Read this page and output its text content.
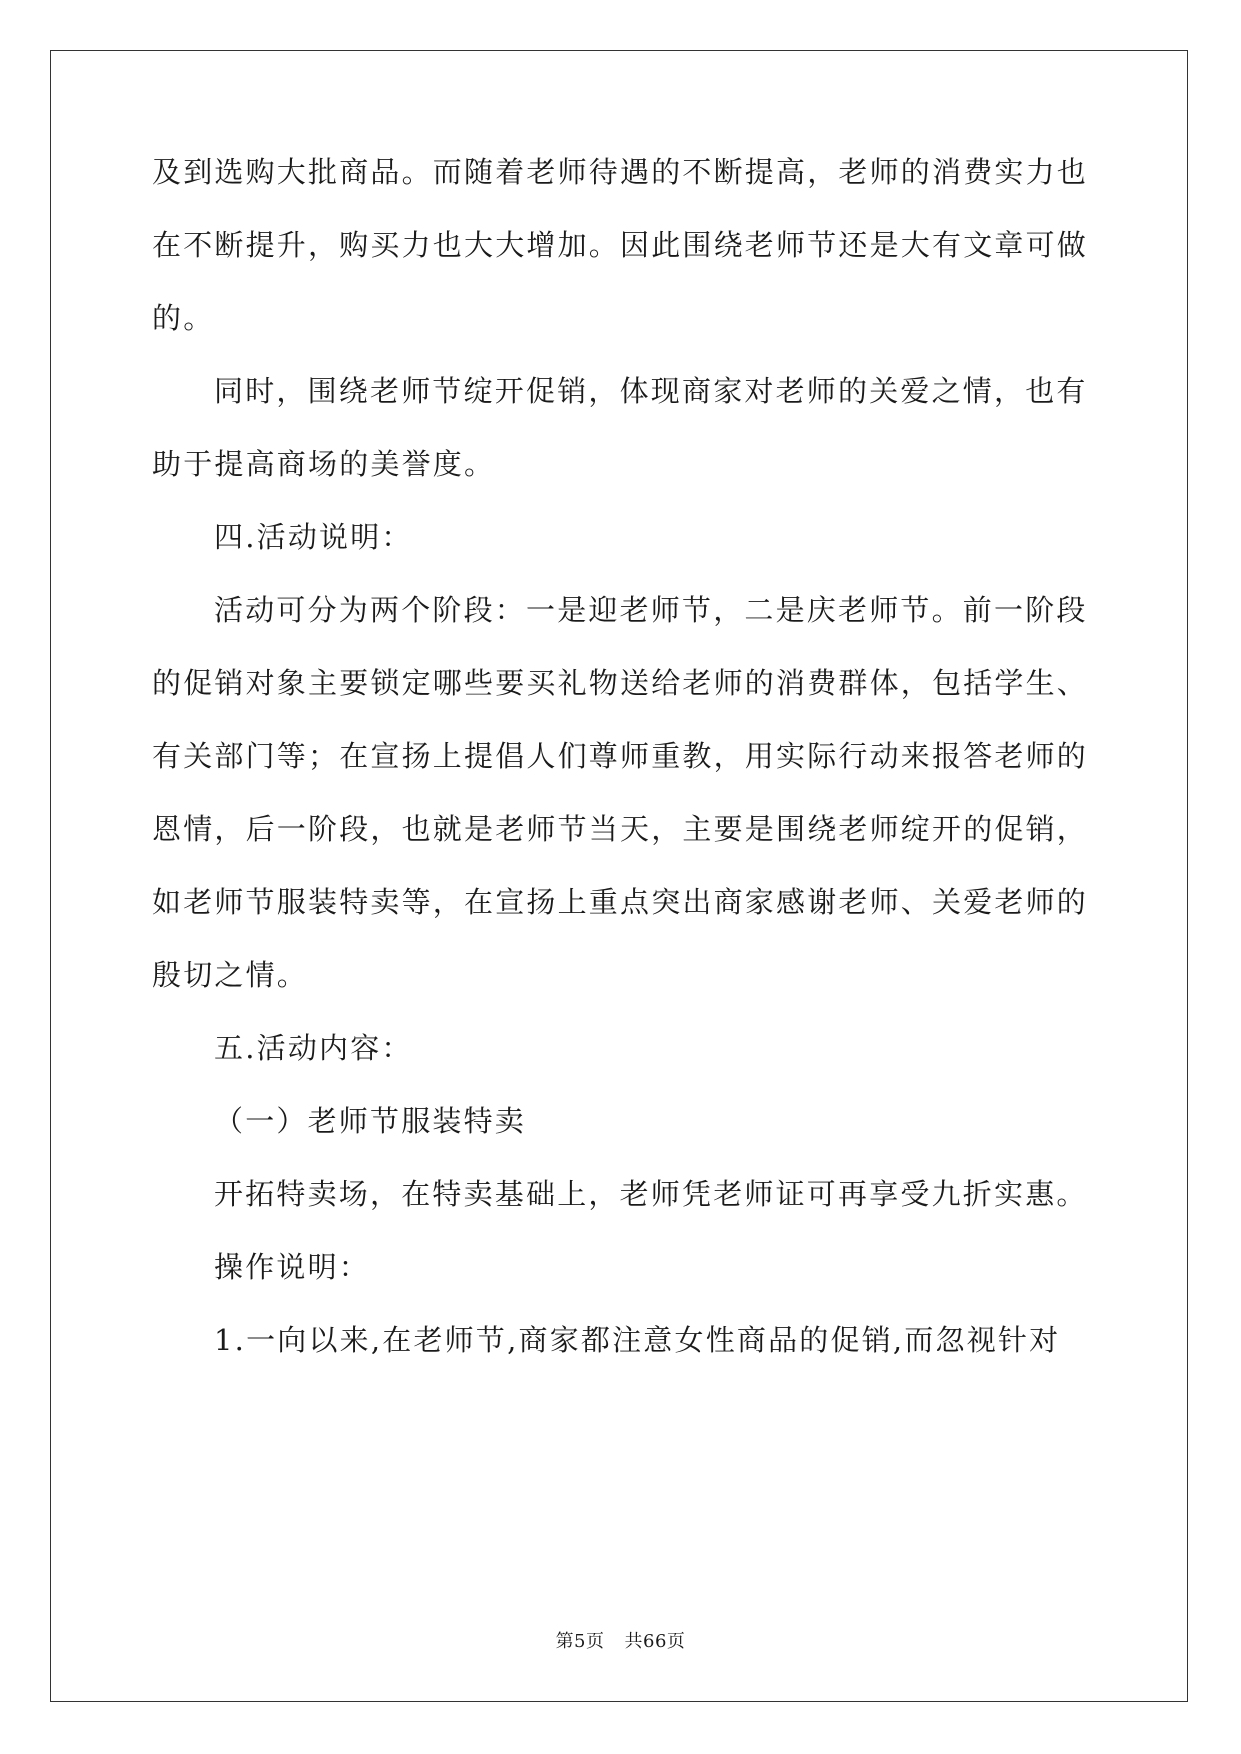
及到选购大批商品。而随着老师待遇的不断提高，老师的消费实力也
在不断提升，购买力也大大增加。因此围绕老师节还是大有文章可做
的。
同时，围绕老师节绽开促销，体现商家对老师的关爱之情，也有
助于提高商场的美誉度。
四.活动说明：
活动可分为两个阶段：一是迎老师节，二是庆老师节。前一阶段
的促销对象主要锁定哪些要买礼物送给老师的消费群体，包括学生、
有关部门等；在宣扬上提倡人们尊师重教，用实际行动来报答老师的
恩情，后一阶段，也就是老师节当天，主要是围绕老师绽开的促销，
如老师节服装特卖等，在宣扬上重点突出商家感谢老师、关爱老师的
殷切之情。
五.活动内容：
（一）老师节服装特卖
开拓特卖场，在特卖基础上，老师凭老师证可再享受九折实惠。
操作说明：
1.一向以来,在老师节,商家都注意女性商品的促销,而忽视针对
第5页 共66页
